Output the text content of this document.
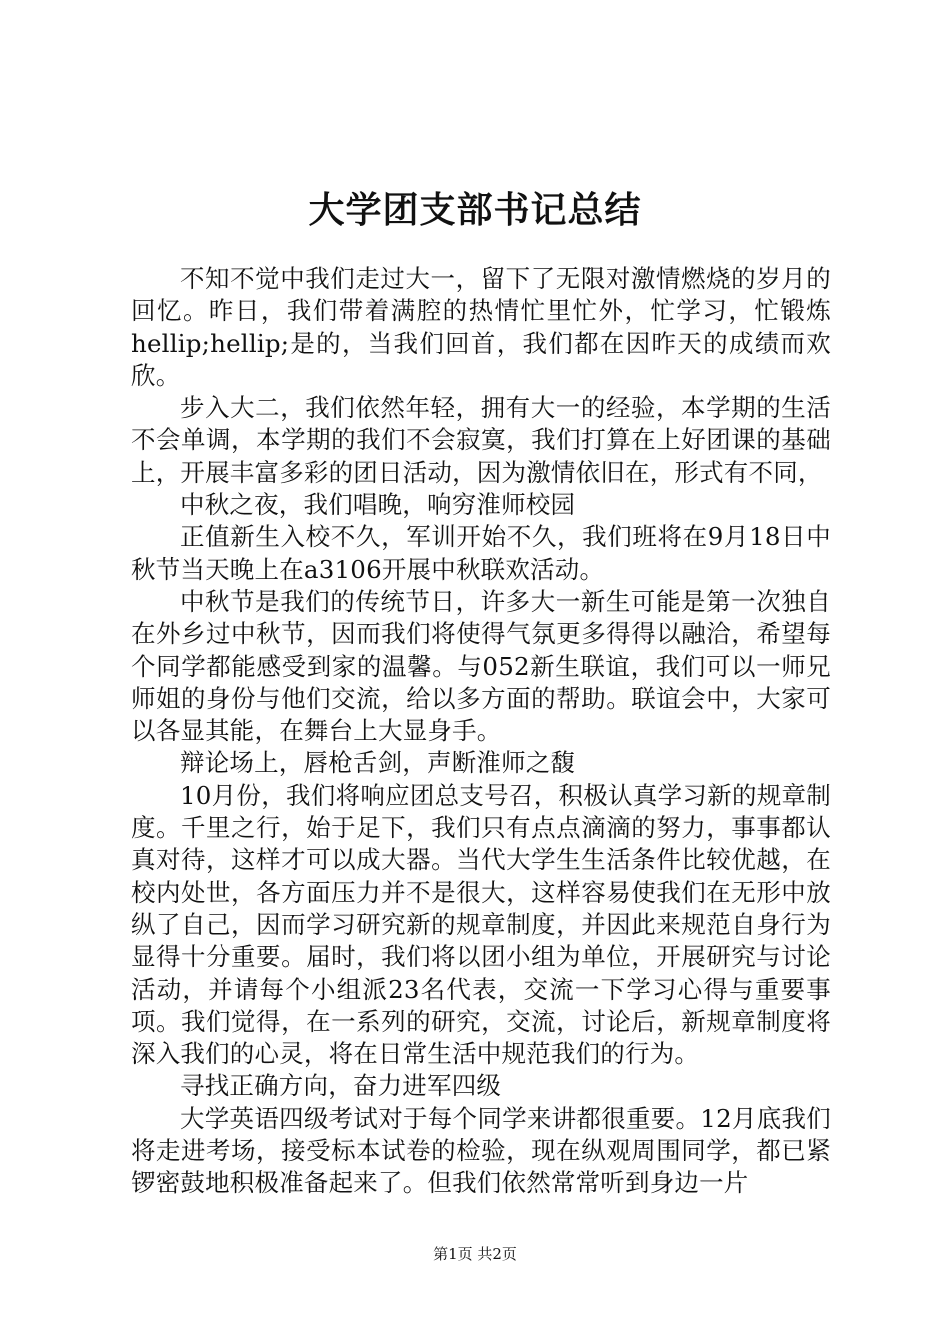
大学团支部书记总结

不知不觉中我们走过大一，留下了无限对激情燃烧的岁月的回忆。昨日，我们带着满腔的热情忙里忙外，忙学习，忙锻炼hellip;hellip;是的，当我们回首，我们都在因昨天的成绩而欢欣。

步入大二，我们依然年轻，拥有大一的经验，本学期的生活不会单调，本学期的我们不会寂寞，我们打算在上好团课的基础上，开展丰富多彩的团日活动，因为激情依旧在，形式有不同，

中秋之夜，我们唱晚，响穷淮师校园

正值新生入校不久，军训开始不久，我们班将在9月18日中秋节当天晚上在a3106开展中秋联欢活动。

中秋节是我们的传统节日，许多大一新生可能是第一次独自在外乡过中秋节，因而我们将使得气氛更多得得以融洽，希望每个同学都能感受到家的温馨。与052新生联谊，我们可以一师兄师姐的身份与他们交流，给以多方面的帮助。联谊会中，大家可以各显其能，在舞台上大显身手。

辩论场上，唇枪舌剑，声断淮师之馥

10月份，我们将响应团总支号召，积极认真学习新的规章制度。千里之行，始于足下，我们只有点点滴滴的努力，事事都认真对待，这样才可以成大器。当代大学生生活条件比较优越，在校内处世，各方面压力并不是很大，这样容易使我们在无形中放纵了自己，因而学习研究新的规章制度，并因此来规范自身行为显得十分重要。届时，我们将以团小组为单位，开展研究与讨论活动，并请每个小组派23名代表，交流一下学习心得与重要事项。我们觉得，在一系列的研究，交流，讨论后，新规章制度将深入我们的心灵，将在日常生活中规范我们的行为。

寻找正确方向，奋力进军四级

大学英语四级考试对于每个同学来讲都很重要。12月底我们将走进考场，接受标本试卷的检验，现在纵观周围同学，都已紧锣密鼓地积极准备起来了。但我们依然常常听到身边一片

第1页 共2页
